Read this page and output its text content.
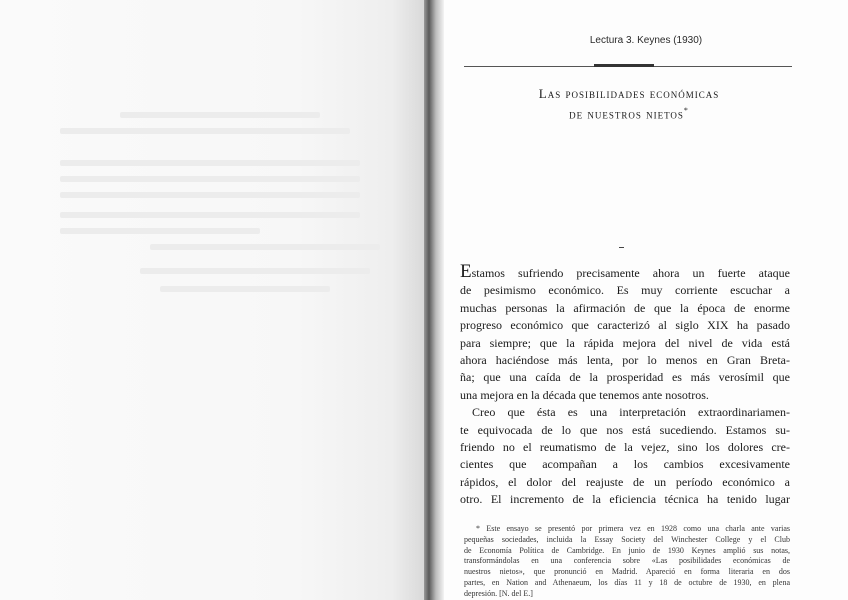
Lectura 3. Keynes (1930)
Las posibilidades económicas
de nuestros nietos*
Estamos sufriendo precisamente ahora un fuerte ataque
de pesimismo económico. Es muy corriente escuchar a
muchas personas la afirmación de que la época de enorme
progreso económico que caracterizó al siglo XIX ha pasado
para siempre; que la rápida mejora del nivel de vida está
ahora haciéndose más lenta, por lo menos en Gran Breta-
ña; que una caída de la prosperidad es más verosímil que
una mejora en la década que tenemos ante nosotros.
Creo que ésta es una interpretación extraordinariamen-
te equivocada de lo que nos está sucediendo. Estamos su-
friendo no el reumatismo de la vejez, sino los dolores cre-
cientes que acompañan a los cambios excesivamente
rápidos, el dolor del reajuste de un período económico a
otro. El incremento de la eficiencia técnica ha tenido lugar
* Este ensayo se presentó por primera vez en 1928 como una charla ante varias
pequeñas sociedades, incluida la Essay Society del Winchester College y el Club
de Economía Política de Cambridge. En junio de 1930 Keynes amplió sus notas,
transformándolas en una conferencia sobre «Las posibilidades económicas de
nuestros nietos», que pronunció en Madrid. Apareció en forma literaria en dos
partes, en Nation and Athenaeum, los días 11 y 18 de octubre de 1930, en plena
depresión. [N. del E.]
